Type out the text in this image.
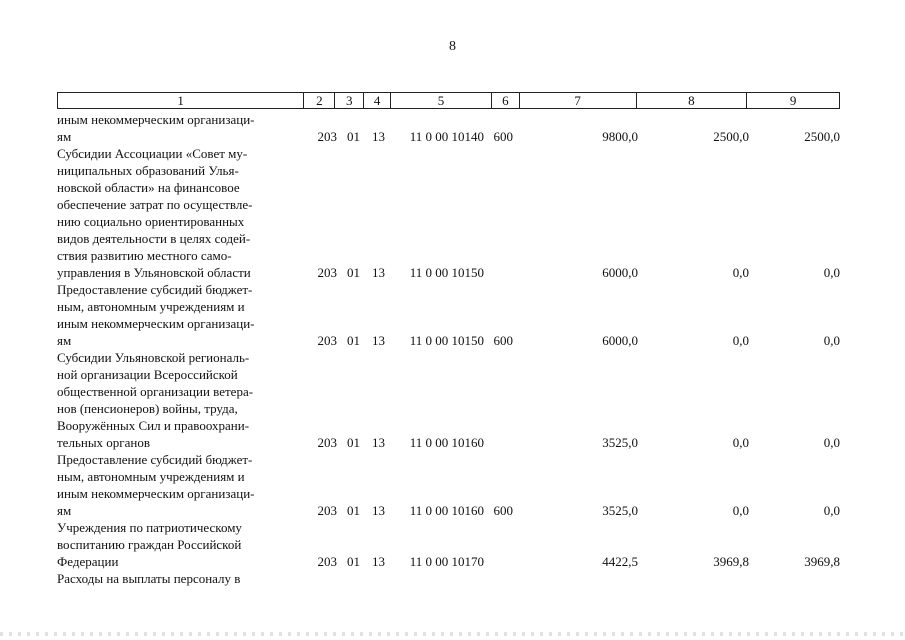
8
1	2	3	4	5	6	7	8	9
иным некоммерческим организаци-
ям	203 01 13	11 0 00 10140 600	9800,0	2500,0	2500,0
Субсидии Ассоциации «Совет му-
ниципальных образований Улья-
новской области» на финансовое
обеспечение затрат по осуществле-
нию социально ориентированных
видов деятельности в целях содей-
ствия развитию местного само-
управления в Ульяновской области	203 01 13	11 0 00 10150	6000,0	0,0	0,0
Предоставление субсидий бюджет-
ным, автономным учреждениям и
иным некоммерческим организаци-
ям	203 01 13	11 0 00 10150 600	6000,0	0,0	0,0
Субсидии Ульяновской региональ-
ной организации Всероссийской
общественной организации ветера-
нов (пенсионеров) войны, труда,
Вооружённых Сил и правоохрани-
тельных органов	203 01 13	11 0 00 10160	3525,0	0,0	0,0
Предоставление субсидий бюджет-
ным, автономным учреждениям и
иным некоммерческим организаци-
ям	203 01 13	11 0 00 10160 600	3525,0	0,0	0,0
Учреждения по патриотическому
воспитанию граждан Российской
Федерации	203 01 13	11 0 00 10170	4422,5	3969,8	3969,8
Расходы на выплаты персоналу в
